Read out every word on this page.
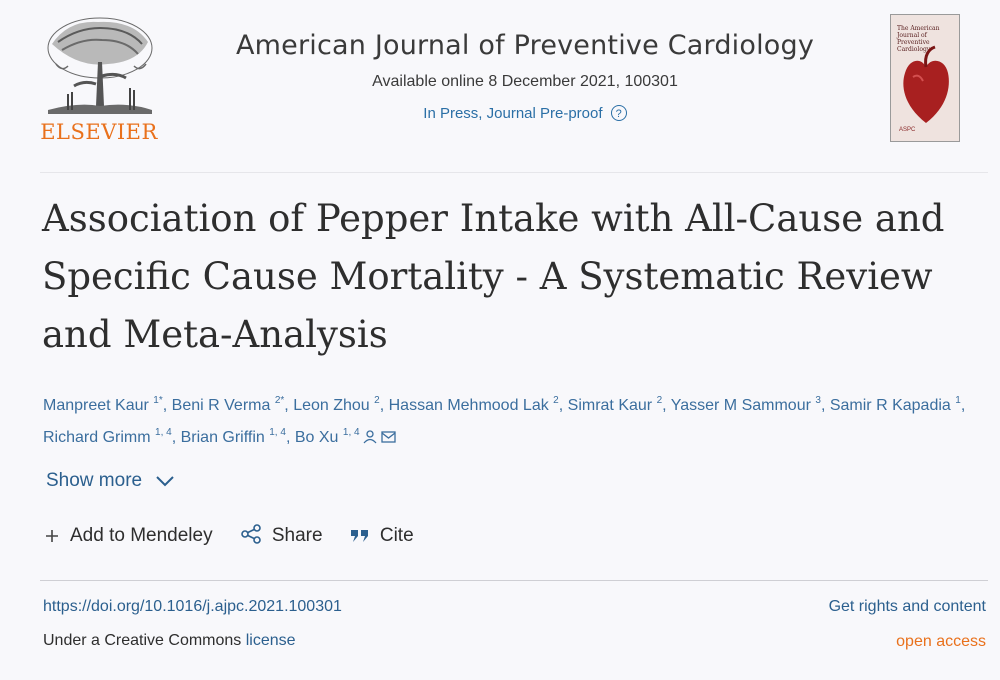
ELSEVIER
American Journal of Preventive Cardiology
Available online 8 December 2021, 100301
In Press, Journal Pre-proof ?
The American Journal of Preventive Cardiology
ASPC
Association of Pepper Intake with All-Cause and Specific Cause Mortality - A Systematic Review and Meta-Analysis
Manpreet Kaur $^{1*}$, Beni R Verma $^{2*}$, Leon Zhou $^2$, Hassan Mehmood Lak $^2$, Simrat Kaur $^2$, Yasser M Sammour $^3$, Samir R Kapadia $^1$, Richard Grimm $^{1, 4}$, Brian Griffin $^{1, 4}$, Bo Xu $^{1, 4}$
Show more
Add to Mendeley	Share	Cite
https://doi.org/10.1016/j.ajpc.2021.100301
Under a Creative Commons license
Get rights and content
open access
